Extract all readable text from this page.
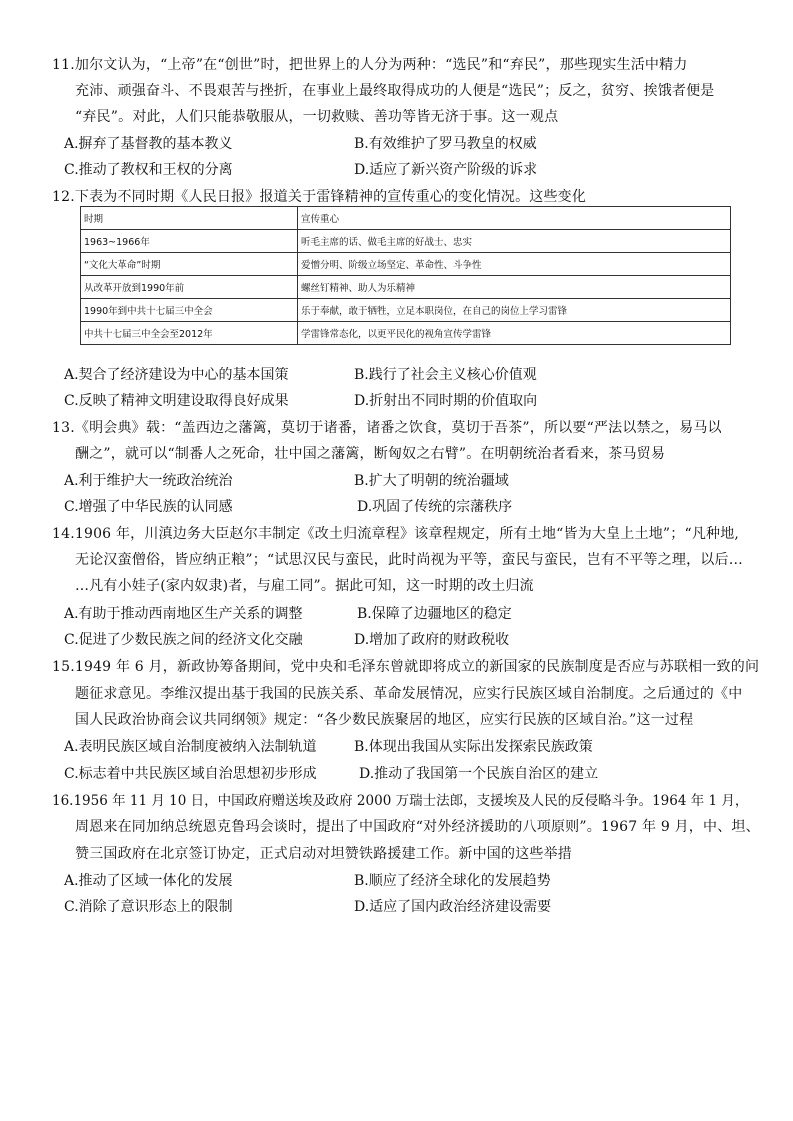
11.加尔文认为，“上帝”在“创世”时，把世界上的人分为两种：“选民”和“弃民”，那些现实生活中精力
充沛、顽强奋斗、不畏艰苦与挫折，在事业上最终取得成功的人便是“选民”；反之，贫穷、挨饿者便是
“弃民”。对此，人们只能恭敬服从，一切救赎、善功等皆无济于事。这一观点
A.摒弃了基督教的基本教义	B.有效维护了罗马教皇的权威
C.推动了教权和王权的分离	D.适应了新兴资产阶级的诉求
12.下表为不同时期《人民日报》报道关于雷锋精神的宣传重心的变化情况。这些变化
时期	宣传重心
1963~1966年	听毛主席的话、做毛主席的好战士、忠实
“文化大革命”时期	爱憎分明、阶级立场坚定、革命性、斗争性
从改革开放到1990年前	螺丝钉精神、助人为乐精神
1990年到中共十七届三中全会	乐于奉献，敢于牺牲，立足本职岗位，在自己的岗位上学习雷锋
中共十七届三中全会至2012年	学雷锋常态化，以更平民化的视角宣传学雷锋
A.契合了经济建设为中心的基本国策	B.践行了社会主义核心价值观
C.反映了精神文明建设取得良好成果	D.折射出不同时期的价值取向
13.《明会典》载：“盖西边之藩篱，莫切于诸番，诸番之饮食，莫切于吾茶”，所以要“严法以禁之，易马以
酬之”，就可以“制番人之死命，壮中国之藩篱，断匈奴之右臂”。在明朝统治者看来，茶马贸易
A.利于维护大一统政治统治	B.扩大了明朝的统治疆域
C.增强了中华民族的认同感	D.巩固了传统的宗藩秩序
14.1906 年，川滇边务大臣赵尔丰制定《改土归流章程》该章程规定，所有土地“皆为大皇上土地”；“凡种地,
无论汉蛮僧俗，皆应纳正粮”；“试思汉民与蛮民，此时尚视为平等，蛮民与蛮民，岂有不平等之理，以后…
…凡有小娃子(家内奴隶)者，与雇工同”。据此可知，这一时期的改土归流
A.有助于推动西南地区生产关系的调整	B.保障了边疆地区的稳定
C.促进了少数民族之间的经济文化交融	D.增加了政府的财政税收
15.1949 年 6 月，新政协筹备期间，党中央和毛泽东曾就即将成立的新国家的民族制度是否应与苏联相一致的问
题征求意见。李维汉提出基于我国的民族关系、革命发展情况，应实行民族区域自治制度。之后通过的《中
国人民政治协商会议共同纲领》规定：“各少数民族聚居的地区，应实行民族的区域自治。”这一过程
A.表明民族区域自治制度被纳入法制轨道	B.体现出我国从实际出发探索民族政策
C.标志着中共民族区域自治思想初步形成	D.推动了我国第一个民族自治区的建立
16.1956 年 11 月 10 日，中国政府赠送埃及政府 2000 万瑞士法郎，支援埃及人民的反侵略斗争。1964 年 1 月，
周恩来在同加纳总统恩克鲁玛会谈时，提出了中国政府“对外经济援助的八项原则”。1967 年 9 月，中、坦、
赞三国政府在北京签订协定，正式启动对坦赞铁路援建工作。新中国的这些举措
A.推动了区域一体化的发展	B.顺应了经济全球化的发展趋势
C.消除了意识形态上的限制	D.适应了国内政治经济建设需要
